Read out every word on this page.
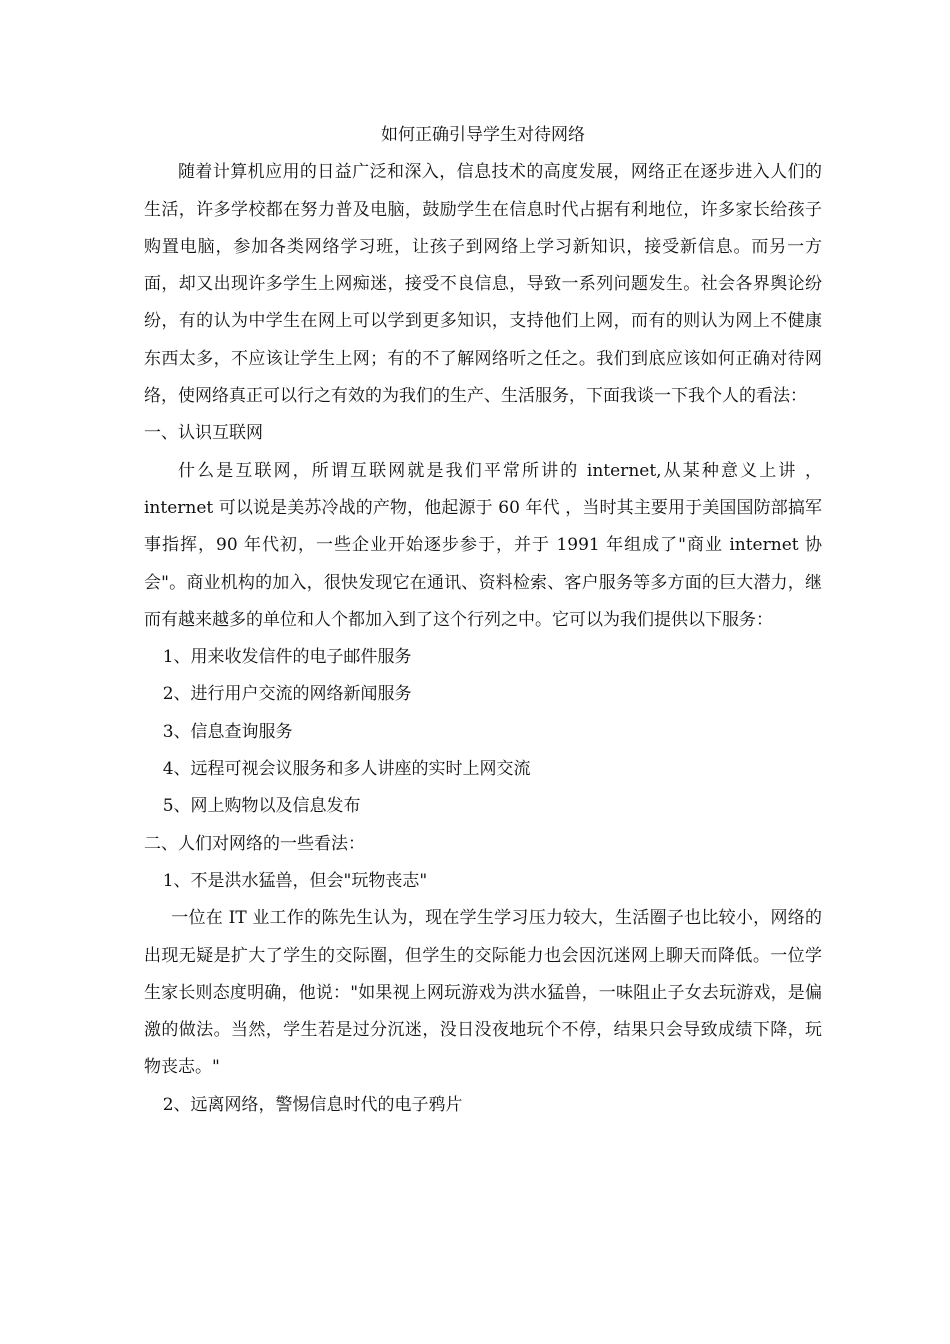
如何正确引导学生对待网络

随着计算机应用的日益广泛和深入，信息技术的高度发展，网络正在逐步进入人们的生活，许多学校都在努力普及电脑，鼓励学生在信息时代占据有利地位，许多家长给孩子购置电脑，参加各类网络学习班，让孩子到网络上学习新知识，接受新信息。而另一方面，却又出现许多学生上网痴迷，接受不良信息，导致一系列问题发生。社会各界舆论纷纷，有的认为中学生在网上可以学到更多知识，支持他们上网，而有的则认为网上不健康东西太多，不应该让学生上网；有的不了解网络听之任之。我们到底应该如何正确对待网络，使网络真正可以行之有效的为我们的生产、生活服务，下面我谈一下我个人的看法：

一、认识互联网

什么是互联网，所谓互联网就是我们平常所讲的 internet,从某种意义上讲 ，internet 可以说是美苏冷战的产物，他起源于 60 年代 ，当时其主要用于美国国防部搞军事指挥，90 年代初，一些企业开始逐步参于，并于 1991 年组成了"商业 internet 协会"。商业机构的加入，很快发现它在通讯、资料检索、客户服务等多方面的巨大潜力，继而有越来越多的单位和人个都加入到了这个行列之中。它可以为我们提供以下服务：

1、用来收发信件的电子邮件服务

2、进行用户交流的网络新闻服务

3、信息查询服务

4、远程可视会议服务和多人讲座的实时上网交流

5、网上购物以及信息发布

二、人们对网络的一些看法：

1、不是洪水猛兽，但会"玩物丧志"

一位在 IT 业工作的陈先生认为，现在学生学习压力较大，生活圈子也比较小，网络的出现无疑是扩大了学生的交际圈，但学生的交际能力也会因沉迷网上聊天而降低。一位学生家长则态度明确，他说："如果视上网玩游戏为洪水猛兽，一味阻止子女去玩游戏，是偏激的做法。当然，学生若是过分沉迷，没日没夜地玩个不停，结果只会导致成绩下降，玩物丧志。"

2、远离网络，警惕信息时代的电子鸦片
